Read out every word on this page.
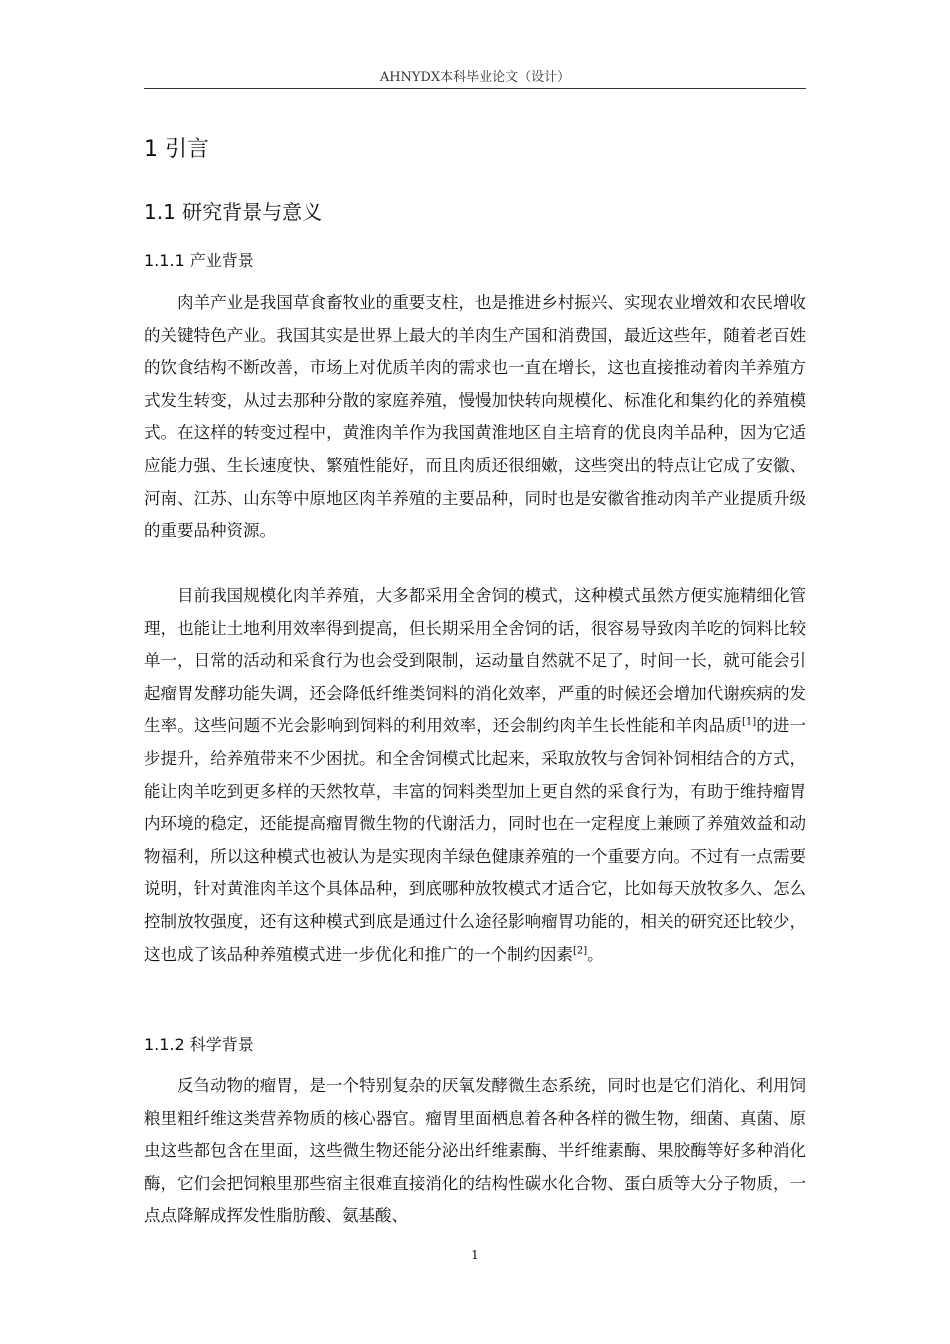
AHNYDX本科毕业论文（设计）
1 引言
1.1 研究背景与意义
1.1.1 产业背景

肉羊产业是我国草食畜牧业的重要支柱，也是推进乡村振兴、实现农业增效和农民增收的关键特色产业。我国其实是世界上最大的羊肉生产国和消费国，最近这些年，随着老百姓的饮食结构不断改善，市场上对优质羊肉的需求也一直在增长，这也直接推动着肉羊养殖方式发生转变，从过去那种分散的家庭养殖，慢慢加快转向规模化、标准化和集约化的养殖模式。在这样的转变过程中，黄淮肉羊作为我国黄淮地区自主培育的优良肉羊品种，因为它适应能力强、生长速度快、繁殖性能好，而且肉质还很细嫩，这些突出的特点让它成了安徽、河南、江苏、山东等中原地区肉羊养殖的主要品种，同时也是安徽省推动肉羊产业提质升级的重要品种资源。

目前我国规模化肉羊养殖，大多都采用全舍饲的模式，这种模式虽然方便实施精细化管理，也能让土地利用效率得到提高，但长期采用全舍饲的话，很容易导致肉羊吃的饲料比较单一，日常的活动和采食行为也会受到限制，运动量自然就不足了，时间一长，就可能会引起瘤胃发酵功能失调，还会降低纤维类饲料的消化效率，严重的时候还会增加代谢疾病的发生率。这些问题不光会影响到饲料的利用效率，还会制约肉羊生长性能和羊肉品质[1]的进一步提升，给养殖带来不少困扰。和全舍饲模式比起来，采取放牧与舍饲补饲相结合的方式，能让肉羊吃到更多样的天然牧草，丰富的饲料类型加上更自然的采食行为，有助于维持瘤胃内环境的稳定，还能提高瘤胃微生物的代谢活力，同时也在一定程度上兼顾了养殖效益和动物福利，所以这种模式也被认为是实现肉羊绿色健康养殖的一个重要方向。不过有一点需要说明，针对黄淮肉羊这个具体品种，到底哪种放牧模式才适合它，比如每天放牧多久、怎么控制放牧强度，还有这种模式到底是通过什么途径影响瘤胃功能的，相关的研究还比较少，这也成了该品种养殖模式进一步优化和推广的一个制约因素[2]。

1.1.2 科学背景

反刍动物的瘤胃，是一个特别复杂的厌氧发酵微生态系统，同时也是它们消化、利用饲粮里粗纤维这类营养物质的核心器官。瘤胃里面栖息着各种各样的微生物，细菌、真菌、原虫这些都包含在里面，这些微生物还能分泌出纤维素酶、半纤维素酶、果胶酶等好多种消化酶，它们会把饲粮里那些宿主很难直接消化的结构性碳水化合物、蛋白质等大分子物质，一点点降解成挥发性脂肪酸、氨基酸、

1
